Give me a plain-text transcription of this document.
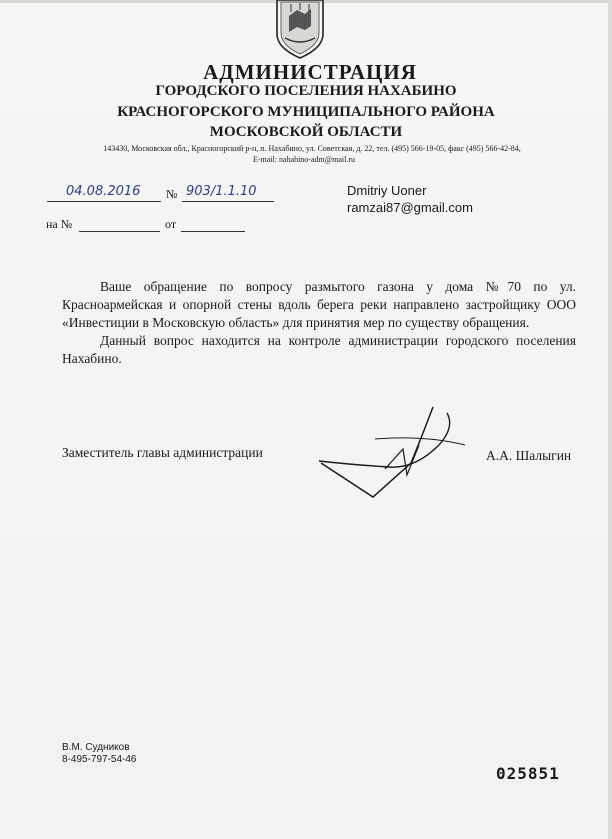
АДМИНИСТРАЦИЯ
ГОРОДСКОГО ПОСЕЛЕНИЯ НАХАБИНО
КРАСНОГОРСКОГО МУНИЦИПАЛЬНОГО РАЙОНА
МОСКОВСКОЙ ОБЛАСТИ
143430, Московская обл., Красногорский р-н, п. Нахабино, ул. Советская, д. 22, тел. (495) 566-19-05, факс (495) 566-42-84,
E-mail: nahabino-adm@mail.ru
04.08.2016 № 903/1.1.10
на №	от
Dmitriy Uoner
ramzai87@gmail.com

Ваше обращение по вопросу размытого газона у дома №70 по ул. Красноармейская и опорной стены вдоль берега реки направлено застройщику ООО «Инвестиции в Московскую область» для принятия мер по существу обращения.

Данный вопрос находится на контроле администрации городского поселения Нахабино.

Заместитель главы администрации	А.А. Шалыгин
В.М. Судников
8-495-797-54-46
025851
